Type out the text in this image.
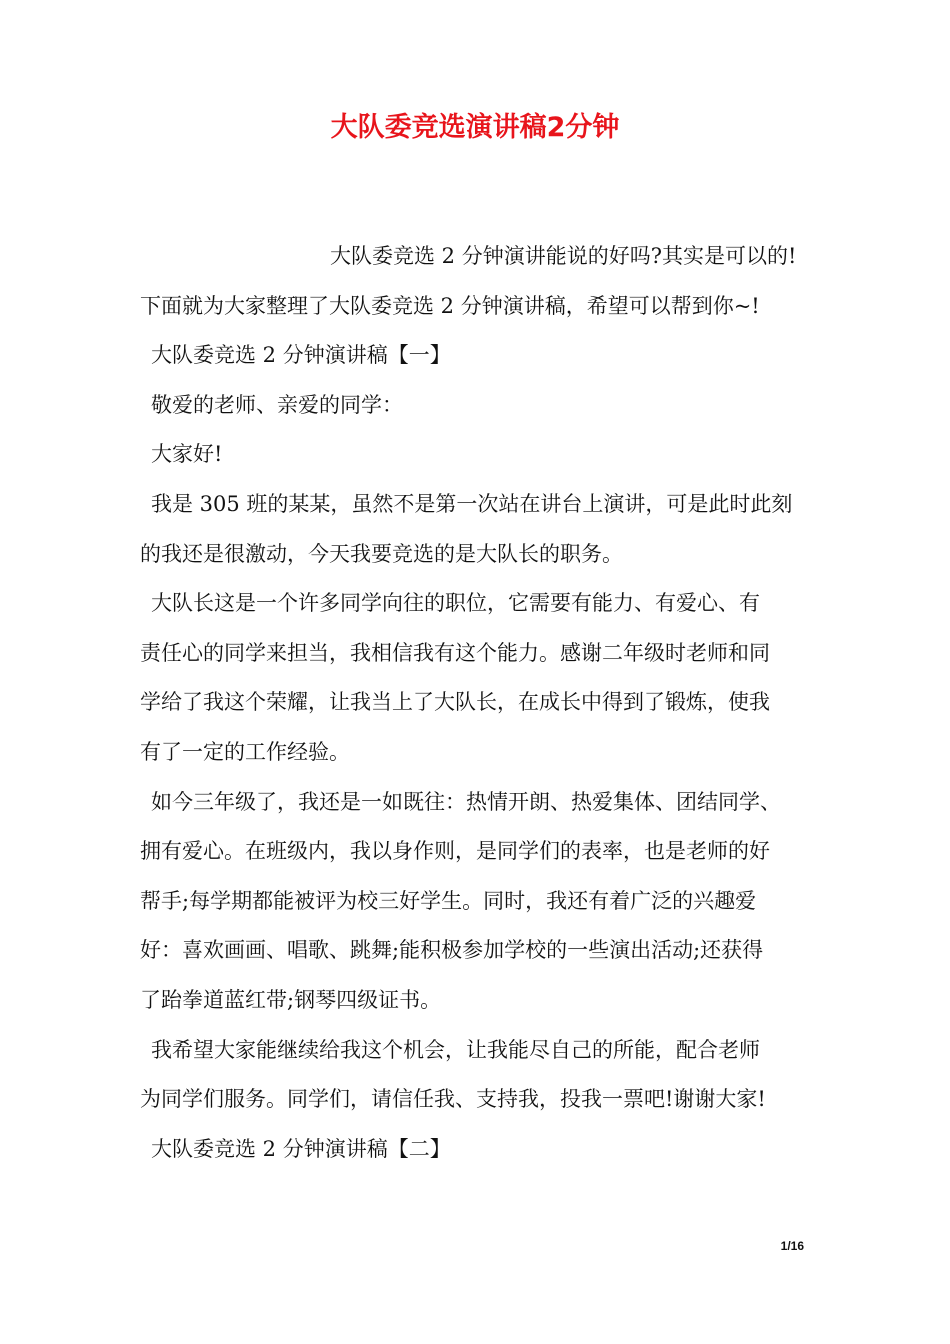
大队委竞选演讲稿2分钟
大队委竞选 2 分钟演讲能说的好吗?其实是可以的!
下面就为大家整理了大队委竞选 2 分钟演讲稿，希望可以帮到你~!
大队委竞选 2 分钟演讲稿【一】
敬爱的老师、亲爱的同学：
大家好!
我是 305 班的某某，虽然不是第一次站在讲台上演讲，可是此时此刻
的我还是很激动，今天我要竞选的是大队长的职务。
大队长这是一个许多同学向往的职位，它需要有能力、有爱心、有
责任心的同学来担当，我相信我有这个能力。感谢二年级时老师和同
学给了我这个荣耀，让我当上了大队长，在成长中得到了锻炼，使我
有了一定的工作经验。
如今三年级了，我还是一如既往：热情开朗、热爱集体、团结同学、
拥有爱心。在班级内，我以身作则，是同学们的表率，也是老师的好
帮手;每学期都能被评为校三好学生。同时，我还有着广泛的兴趣爱
好：喜欢画画、唱歌、跳舞;能积极参加学校的一些演出活动;还获得
了跆拳道蓝红带;钢琴四级证书。
我希望大家能继续给我这个机会，让我能尽自己的所能，配合老师
为同学们服务。同学们，请信任我、支持我，投我一票吧!谢谢大家!
大队委竞选 2 分钟演讲稿【二】
1/16
